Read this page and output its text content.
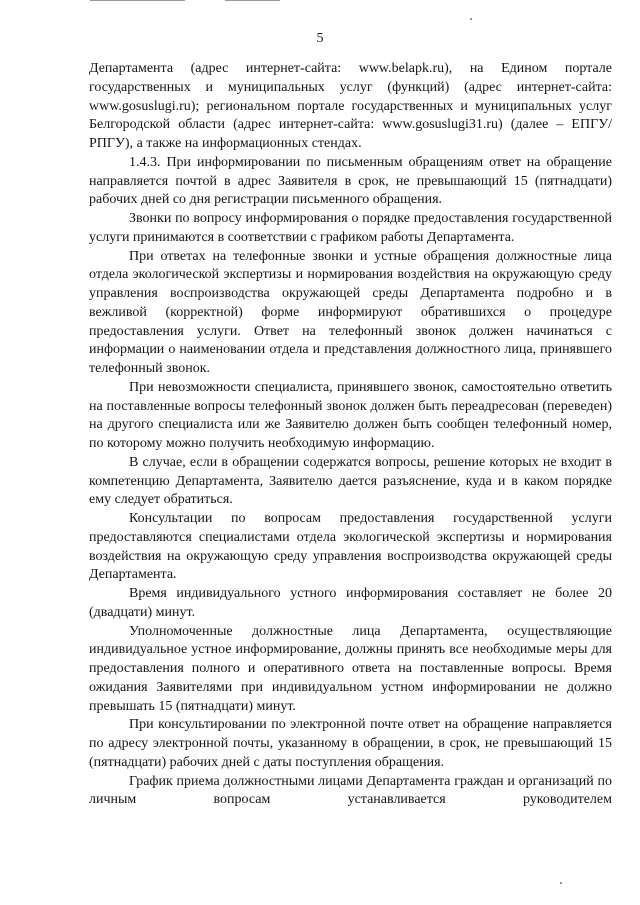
5

Департамента (адрес интернет-сайта: www.belapk.ru), на Едином портале государственных и муниципальных услуг (функций) (адрес интернет-сайта: www.gosuslugi.ru); региональном портале государственных и муниципальных услуг Белгородской области (адрес интернет-сайта: www.gosuslugi31.ru) (далее – ЕПГУ/РПГУ), а также на информационных стендах.

1.4.3. При информировании по письменным обращениям ответ на обращение направляется почтой в адрес Заявителя в срок, не превышающий 15 (пятнадцати) рабочих дней со дня регистрации письменного обращения.

Звонки по вопросу информирования о порядке предоставления государственной услуги принимаются в соответствии с графиком работы Департамента.

При ответах на телефонные звонки и устные обращения должностные лица отдела экологической экспертизы и нормирования воздействия на окружающую среду управления воспроизводства окружающей среды Департамента подробно и в вежливой (корректной) форме информируют обратившихся о процедуре предоставления услуги. Ответ на телефонный звонок должен начинаться с информации о наименовании отдела и представления должностного лица, принявшего телефонный звонок.

При невозможности специалиста, принявшего звонок, самостоятельно ответить на поставленные вопросы телефонный звонок должен быть переадресован (переведен) на другого специалиста или же Заявителю должен быть сообщен телефонный номер, по которому можно получить необходимую информацию.

В случае, если в обращении содержатся вопросы, решение которых не входит в компетенцию Департамента, Заявителю дается разъяснение, куда и в каком порядке ему следует обратиться.

Консультации по вопросам предоставления государственной услуги предоставляются специалистами отдела экологической экспертизы и нормирования воздействия на окружающую среду управления воспроизводства окружающей среды Департамента.

Время индивидуального устного информирования составляет не более 20 (двадцати) минут.

Уполномоченные должностные лица Департамента, осуществляющие индивидуальное устное информирование, должны принять все необходимые меры для предоставления полного и оперативного ответа на поставленные вопросы. Время ожидания Заявителями при индивидуальном устном информировании не должно превышать 15 (пятнадцати) минут.

При консультировании по электронной почте ответ на обращение направляется по адресу электронной почты, указанному в обращении, в срок, не превышающий 15 (пятнадцати) рабочих дней с даты поступления обращения.

График приема должностными лицами Департамента граждан и организаций по личным вопросам устанавливается руководителем
